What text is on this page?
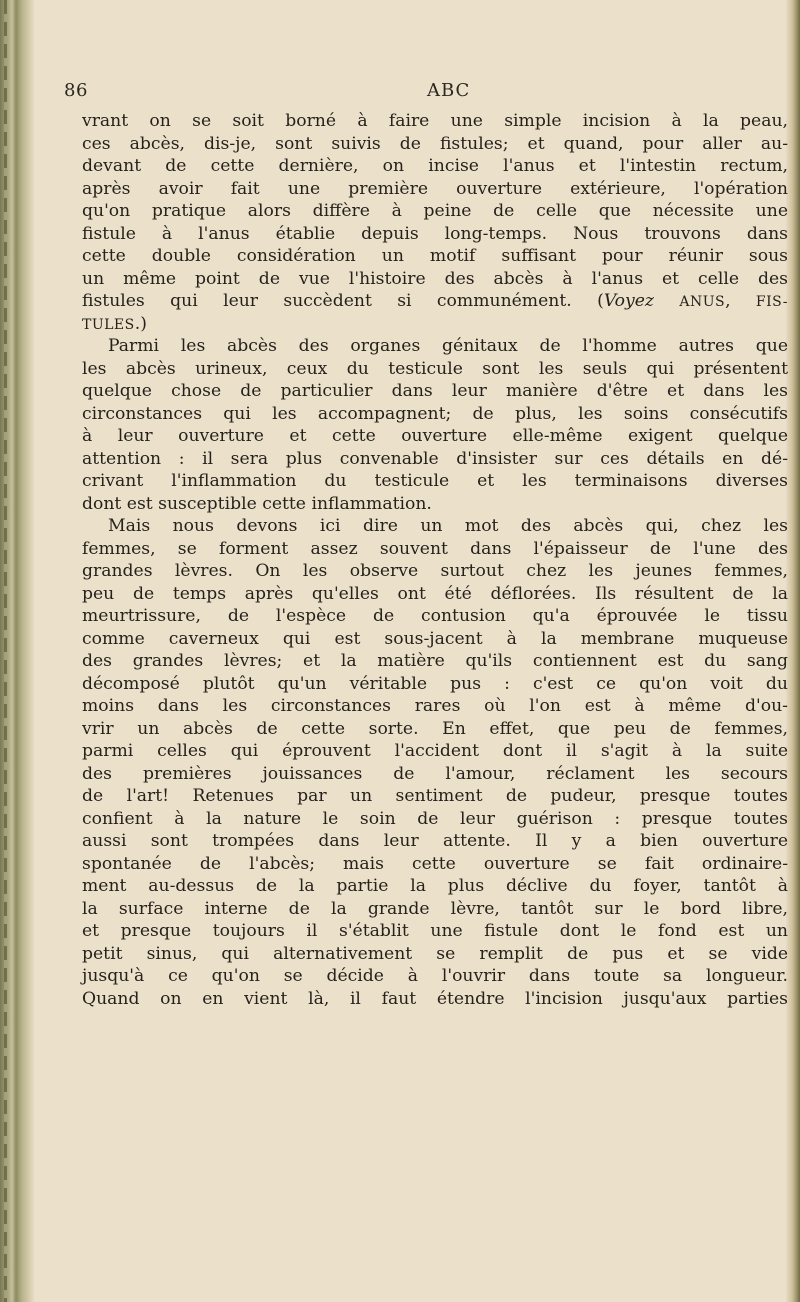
86	ABC
vrant on se soit borné à faire une simple incision à la peau,
ces abcès, dis-je, sont suivis de fistules; et quand, pour aller au-
devant de cette dernière, on incise l'anus et l'intestin rectum,
après avoir fait une première ouverture extérieure, l'opération
qu'on pratique alors diffère à peine de celle que nécessite une
fistule à l'anus établie depuis long-temps. Nous trouvons dans
cette double considération un motif suffisant pour réunir sous
un même point de vue l'histoire des abcès à l'anus et celle des
fistules qui leur succèdent si communément. (Voyez ANUS, FIS-
TULES.)
Parmi les abcès des organes génitaux de l'homme autres que
les abcès urineux, ceux du testicule sont les seuls qui présentent
quelque chose de particulier dans leur manière d'être et dans les
circonstances qui les accompagnent; de plus, les soins consécutifs
à leur ouverture et cette ouverture elle-même exigent quelque
attention : il sera plus convenable d'insister sur ces détails en dé-
crivant l'inflammation du testicule et les terminaisons diverses
dont est susceptible cette inflammation.
Mais nous devons ici dire un mot des abcès qui, chez les
femmes, se forment assez souvent dans l'épaisseur de l'une des
grandes lèvres. On les observe surtout chez les jeunes femmes,
peu de temps après qu'elles ont été déflorées. Ils résultent de la
meurtrissure, de l'espèce de contusion qu'a éprouvée le tissu
comme caverneux qui est sous-jacent à la membrane muqueuse
des grandes lèvres; et la matière qu'ils contiennent est du sang
décomposé plutôt qu'un véritable pus : c'est ce qu'on voit du
moins dans les circonstances rares où l'on est à même d'ou-
vrir un abcès de cette sorte. En effet, que peu de femmes,
parmi celles qui éprouvent l'accident dont il s'agit à la suite
des premières jouissances de l'amour, réclament les secours
de l'art! Retenues par un sentiment de pudeur, presque toutes
confient à la nature le soin de leur guérison : presque toutes
aussi sont trompées dans leur attente. Il y a bien ouverture
spontanée de l'abcès; mais cette ouverture se fait ordinaire-
ment au-dessus de la partie la plus déclive du foyer, tantôt à
la surface interne de la grande lèvre, tantôt sur le bord libre,
et presque toujours il s'établit une fistule dont le fond est un
petit sinus, qui alternativement se remplit de pus et se vide
jusqu'à ce qu'on se décide à l'ouvrir dans toute sa longueur.
Quand on en vient là, il faut étendre l'incision jusqu'aux parties
